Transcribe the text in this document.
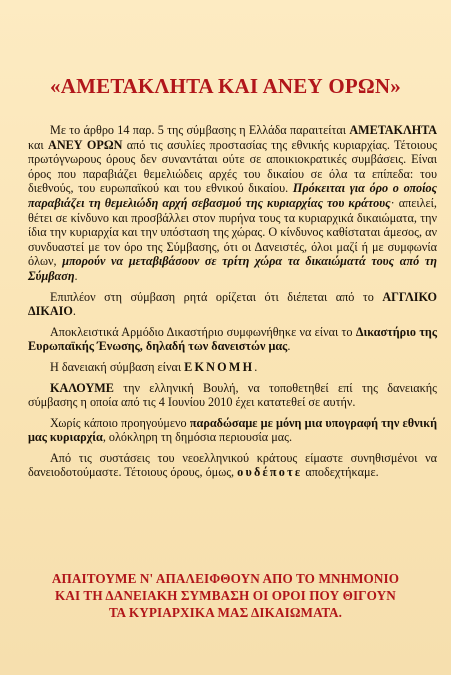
«ΑΜΕΤΑΚΛΗΤΑ ΚΑΙ ΑΝΕΥ ΟΡΩΝ»

Με το άρθρο 14 παρ. 5 της σύμβασης η Ελλάδα παραιτείται ΑΜΕΤΑΚΛΗΤΑ και ΑΝΕΥ ΟΡΩΝ από τις ασυλίες προστασίας της εθνικής κυριαρχίας. Τέτοιους πρωτόγνωρους όρους δεν συναντάται ούτε σε αποικιοκρατικές συμβάσεις. Είναι όρος που παραβιάζει θεμελιώδεις αρχές του δικαίου σε όλα τα επίπεδα: του διεθνούς, του ευρωπαϊκού και του εθνικού δικαίου. Πρόκειται για όρο ο οποίος παραβιάζει τη θεμελιώδη αρχή σεβασμού της κυριαρχίας του κράτους· απειλεί, θέτει σε κίνδυνο και προσβάλλει στον πυρήνα τους τα κυριαρχικά δικαιώματα, την ίδια την κυριαρχία και την υπόσταση της χώρας. Ο κίνδυνος καθίσταται άμεσος, αν συνδυαστεί με τον όρο της Σύμβασης, ότι οι Δανειστές, όλοι μαζί ή με συμφωνία όλων, μπορούν να μεταβιβάσουν σε τρίτη χώρα τα δικαιώματά τους από τη Σύμβαση.

Επιπλέον στη σύμβαση ρητά ορίζεται ότι διέπεται από το ΑΓΓΛΙΚΟ ΔΙΚΑΙΟ.

Αποκλειστικά Αρμόδιο Δικαστήριο συμφωνήθηκε να είναι το Δικαστήριο της Ευρωπαϊκής Ένωσης, δηλαδή των δανειστών μας.

Η δανειακή σύμβαση είναι ΕΚΝΟΜΗ.

ΚΑΛΟΥΜΕ την ελληνική Βουλή, να τοποθετηθεί επί της δανειακής σύμβασης η οποία από τις 4 Ιουνίου 2010 έχει κατατεθεί σε αυτήν.

Χωρίς κάποιο προηγούμενο παραδώσαμε με μόνη μια υπογραφή την εθνική μας κυριαρχία, ολόκληρη τη δημόσια περιουσία μας.

Από τις συστάσεις του νεοελληνικού κράτους είμαστε συνηθισμένοι να δανειοδοτούμαστε. Τέτοιους όρους, όμως, ουδέποτε αποδεχτήκαμε.

ΑΠΑΙΤΟΥΜΕ Ν' ΑΠΑΛΕΙΦΘΟΥΝ ΑΠΟ ΤΟ ΜΝΗΜΟΝΙΟ
ΚΑΙ ΤΗ ΔΑΝΕΙΑΚΗ ΣΥΜΒΑΣΗ ΟΙ ΟΡΟΙ ΠΟΥ ΘΙΓΟΥΝ
ΤΑ ΚΥΡΙΑΡΧΙΚΑ ΜΑΣ ΔΙΚΑΙΩΜΑΤΑ.
